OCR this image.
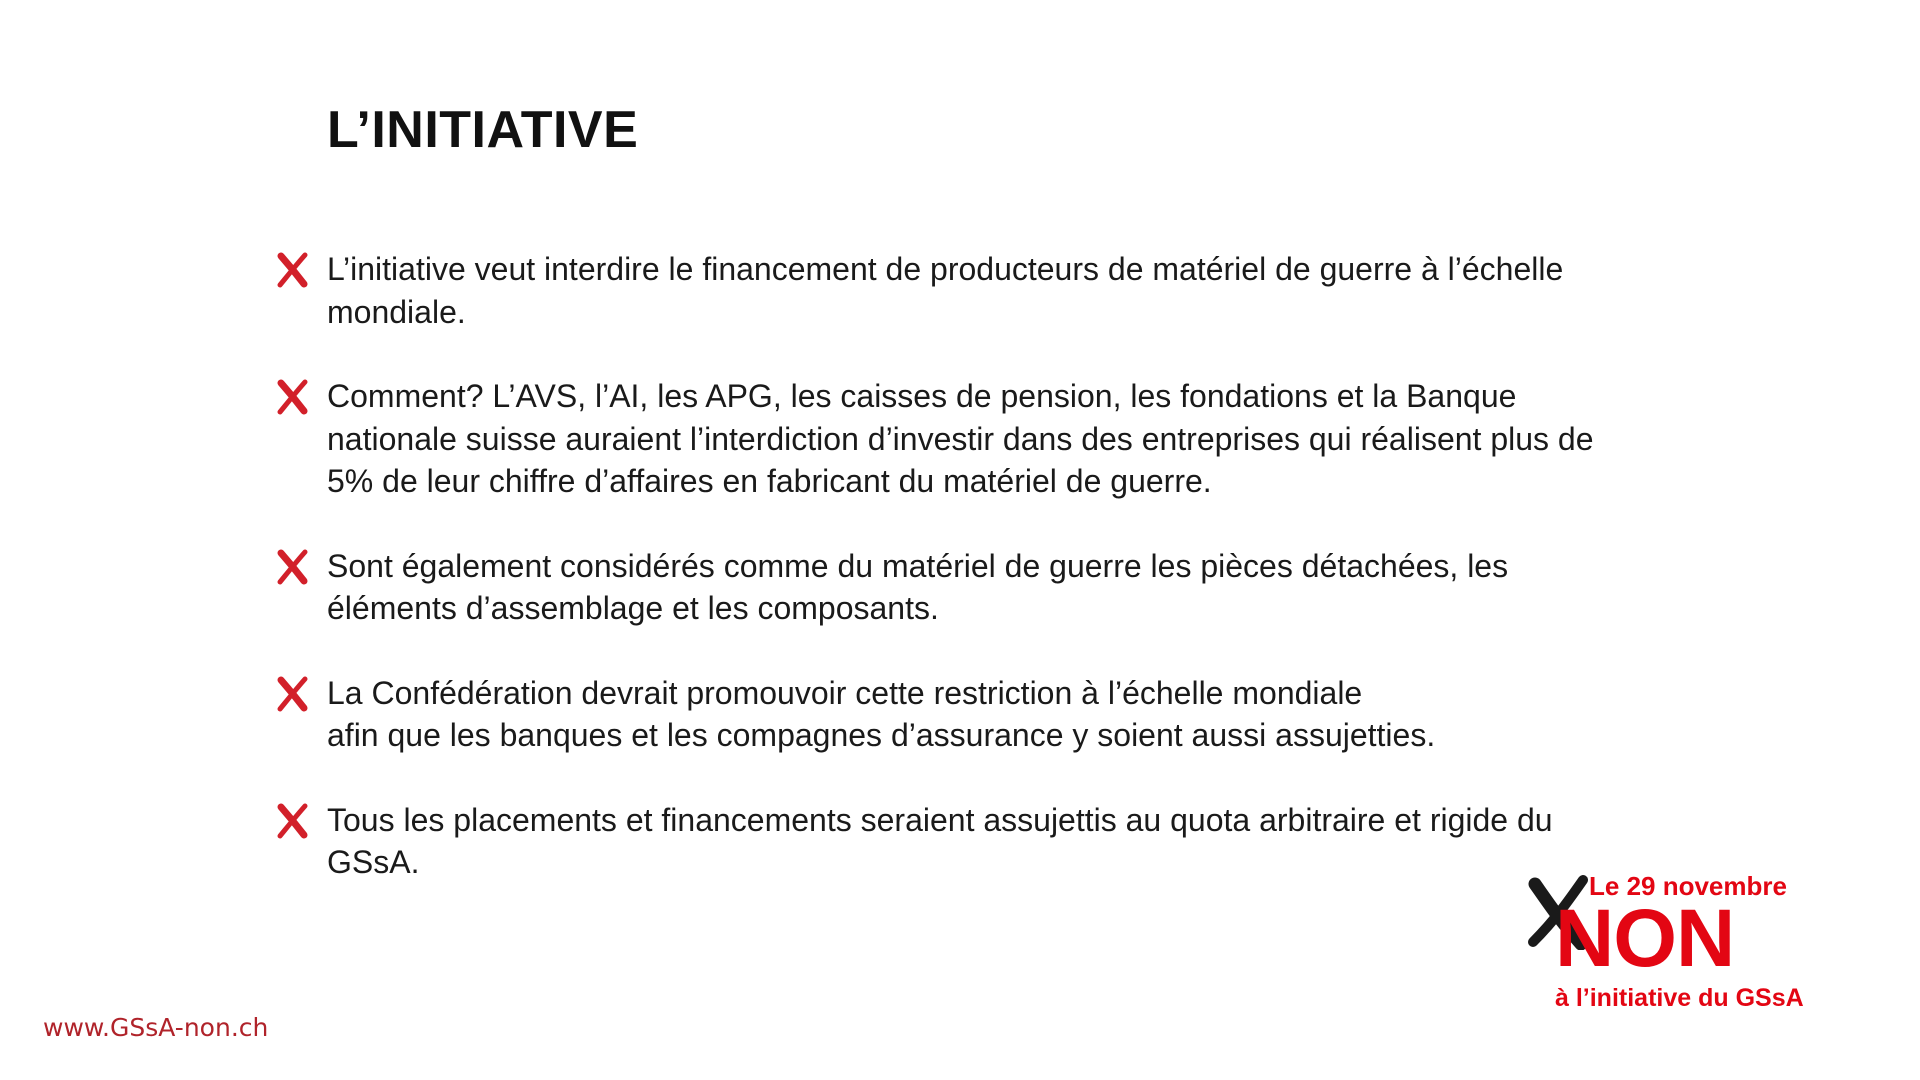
L’INITIATIVE
L’initiative veut interdire le financement de producteurs de matériel de guerre à l’échelle
mondiale.
Comment? L’AVS, l’AI, les APG, les caisses de pension, les fondations et la Banque
nationale suisse auraient l’interdiction d’investir dans des entreprises qui réalisent plus de
5% de leur chiffre d’affaires en fabricant du matériel de guerre.
Sont également considérés comme du matériel de guerre les pièces détachées, les
éléments d’assemblage et les composants.
La Confédération devrait promouvoir cette restriction à l’échelle mondiale
afin que les banques et les compagnes d’assurance y soient aussi assujetties.
Tous les placements et financements seraient assujettis au quota arbitraire et rigide du
GSsA.
www.GSsA-non.ch
Le 29 novembre
NON
à l’initiative du GSsA
